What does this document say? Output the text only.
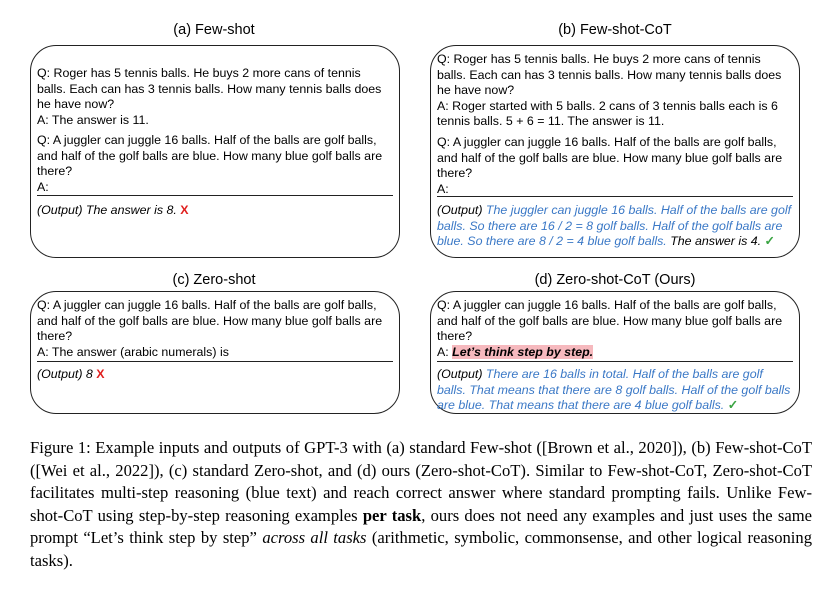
(a) Few-shot	(b) Few-shot-CoT
(c) Zero-shot	(d) Zero-shot-CoT (Ours)
Q: Roger has 5 tennis balls. He buys 2 more cans of tennis balls. Each can has 3 tennis balls. How many tennis balls does he have now?
A: The answer is 11.
Q: A juggler can juggle 16 balls. Half of the balls are golf balls, and half of the golf balls are blue. How many blue golf balls are there?
A:
(Output) The answer is 8. X
Q: Roger has 5 tennis balls. He buys 2 more cans of tennis balls. Each can has 3 tennis balls. How many tennis balls does he have now?
A: Roger started with 5 balls. 2 cans of 3 tennis balls each is 6 tennis balls. 5 + 6 = 11. The answer is 11.
Q: A juggler can juggle 16 balls. Half of the balls are golf balls, and half of the golf balls are blue. How many blue golf balls are there?
A:
(Output) The juggler can juggle 16 balls. Half of the balls are golf balls. So there are 16 / 2 = 8 golf balls. Half of the golf balls are blue. So there are 8 / 2 = 4 blue golf balls. The answer is 4. ✓
Q: A juggler can juggle 16 balls. Half of the balls are golf balls, and half of the golf balls are blue. How many blue golf balls are there?
A: The answer (arabic numerals) is
(Output) 8 X
Q: A juggler can juggle 16 balls. Half of the balls are golf balls, and half of the golf balls are blue. How many blue golf balls are there?
A: Let’s think step by step.
(Output) There are 16 balls in total. Half of the balls are golf balls. That means that there are 8 golf balls. Half of the golf balls are blue. That means that there are 4 blue golf balls. ✓
Figure 1: Example inputs and outputs of GPT-3 with (a) standard Few-shot ([Brown et al., 2020]), (b) Few-shot-CoT ([Wei et al., 2022]), (c) standard Zero-shot, and (d) ours (Zero-shot-CoT). Similar to Few-shot-CoT, Zero-shot-CoT facilitates multi-step reasoning (blue text) and reach correct answer where standard prompting fails. Unlike Few-shot-CoT using step-by-step reasoning examples per task, ours does not need any examples and just uses the same prompt “Let’s think step by step” across all tasks (arithmetic, symbolic, commonsense, and other logical reasoning tasks).
